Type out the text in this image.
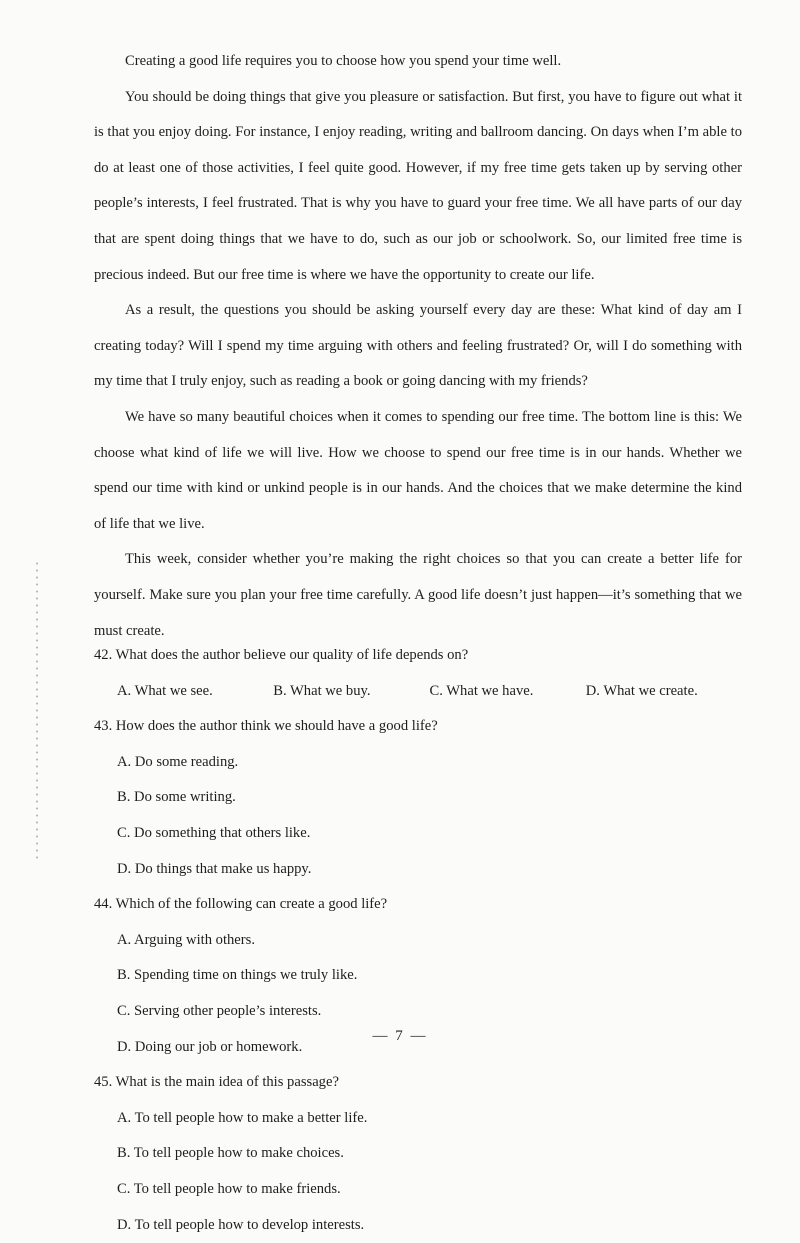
Creating a good life requires you to choose how you spend your time well.

You should be doing things that give you pleasure or satisfaction. But first, you have to figure out what it is that you enjoy doing. For instance, I enjoy reading, writing and ballroom dancing. On days when I’m able to do at least one of those activities, I feel quite good. However, if my free time gets taken up by serving other people’s interests, I feel frustrated. That is why you have to guard your free time. We all have parts of our day that are spent doing things that we have to do, such as our job or schoolwork. So, our limited free time is precious indeed. But our free time is where we have the opportunity to create our life.

As a result, the questions you should be asking yourself every day are these: What kind of day am I creating today? Will I spend my time arguing with others and feeling frustrated? Or, will I do something with my time that I truly enjoy, such as reading a book or going dancing with my friends?

We have so many beautiful choices when it comes to spending our free time. The bottom line is this: We choose what kind of life we will live. How we choose to spend our free time is in our hands. Whether we spend our time with kind or unkind people is in our hands. And the choices that we make determine the kind of life that we live.

This week, consider whether you’re making the right choices so that you can create a better life for yourself. Make sure you plan your free time carefully. A good life doesn’t just happen—it’s something that we must create.

42. What does the author believe our quality of life depends on?

A. What we see.	B. What we buy.	C. What we have.	D. What we create.

43. How does the author think we should have a good life?

A. Do some reading.
B. Do some writing.
C. Do something that others like.
D. Do things that make us happy.

44. Which of the following can create a good life?

A. Arguing with others.
B. Spending time on things we truly like.
C. Serving other people’s interests.
D. Doing our job or homework.

45. What is the main idea of this passage?

A. To tell people how to make a better life.
B. To tell people how to make choices.
C. To tell people how to make friends.
D. To tell people how to develop interests.
— 7 —
